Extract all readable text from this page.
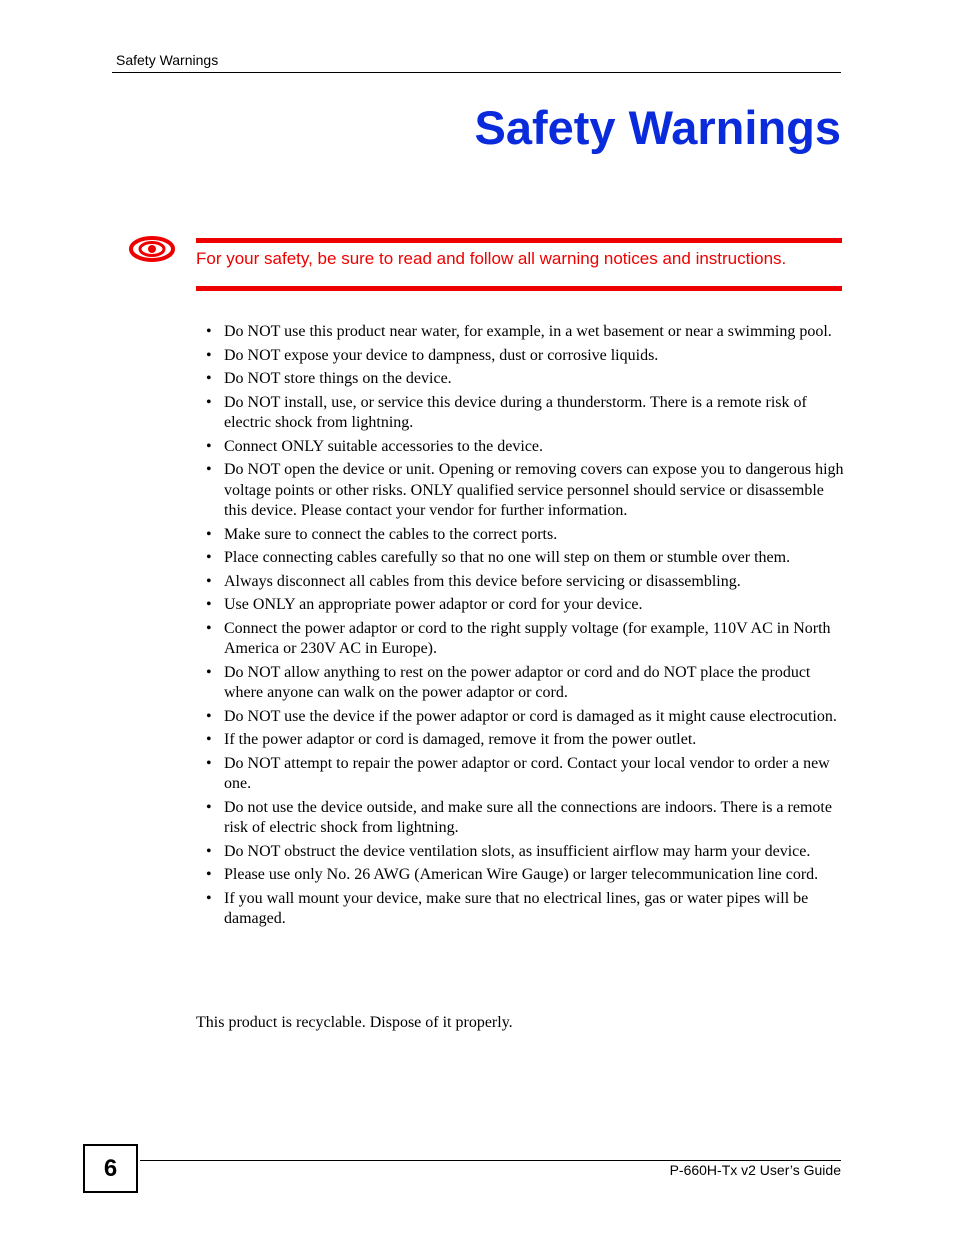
Safety Warnings
Safety Warnings
For your safety, be sure to read and follow all warning notices and instructions.
• Do NOT use this product near water, for example, in a wet basement or near a swimming pool.
• Do NOT expose your device to dampness, dust or corrosive liquids.
• Do NOT store things on the device.
• Do NOT install, use, or service this device during a thunderstorm. There is a remote risk of electric shock from lightning.
• Connect ONLY suitable accessories to the device.
• Do NOT open the device or unit. Opening or removing covers can expose you to dangerous high voltage points or other risks. ONLY qualified service personnel should service or disassemble this device. Please contact your vendor for further information.
• Make sure to connect the cables to the correct ports.
• Place connecting cables carefully so that no one will step on them or stumble over them.
• Always disconnect all cables from this device before servicing or disassembling.
• Use ONLY an appropriate power adaptor or cord for your device.
• Connect the power adaptor or cord to the right supply voltage (for example, 110V AC in North America or 230V AC in Europe).
• Do NOT allow anything to rest on the power adaptor or cord and do NOT place the product where anyone can walk on the power adaptor or cord.
• Do NOT use the device if the power adaptor or cord is damaged as it might cause electrocution.
• If the power adaptor or cord is damaged, remove it from the power outlet.
• Do NOT attempt to repair the power adaptor or cord. Contact your local vendor to order a new one.
• Do not use the device outside, and make sure all the connections are indoors. There is a remote risk of electric shock from lightning.
• Do NOT obstruct the device ventilation slots, as insufficient airflow may harm your device.
• Please use only No. 26 AWG (American Wire Gauge) or larger telecommunication line cord.
• If you wall mount your device, make sure that no electrical lines, gas or water pipes will be damaged.
This product is recyclable. Dispose of it properly.
6	P-660H-Tx v2 User’s Guide
